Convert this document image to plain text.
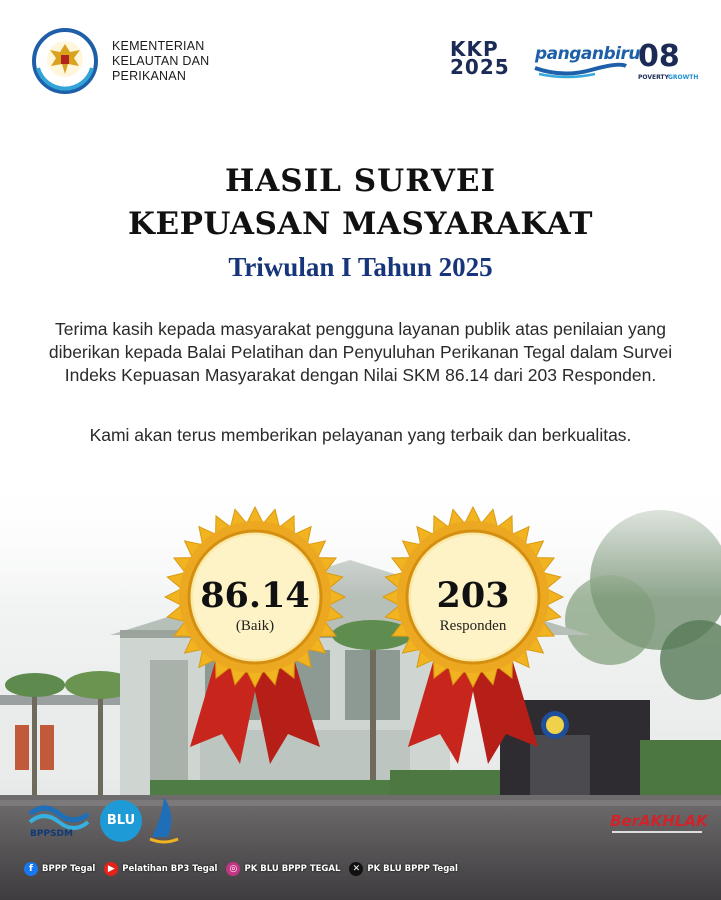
KEMENTERIAN
KELAUTAN DAN
PERIKANAN
KKP
2025
panganbiru
08
POVERTY GROWTH
HASIL SURVEI
KEPUASAN MASYARAKAT
Triwulan I Tahun 2025
Terima kasih kepada masyarakat pengguna layanan publik atas penilaian yang diberikan kepada Balai Pelatihan dan Penyuluhan Perikanan Tegal dalam Survei Indeks Kepuasan Masyarakat dengan Nilai SKM 86.14 dari 203 Responden.
Kami akan terus memberikan pelayanan yang terbaik dan berkualitas.
86.14
(Baik)
203
Responden
BPPSDM
BLU	BerAKHLAK
f	BPPP Tegal	▶ Pelatihan BP3 Tegal	◎ PK BLU BPPP TEGAL	✕ PK BLU BPPP Tegal
